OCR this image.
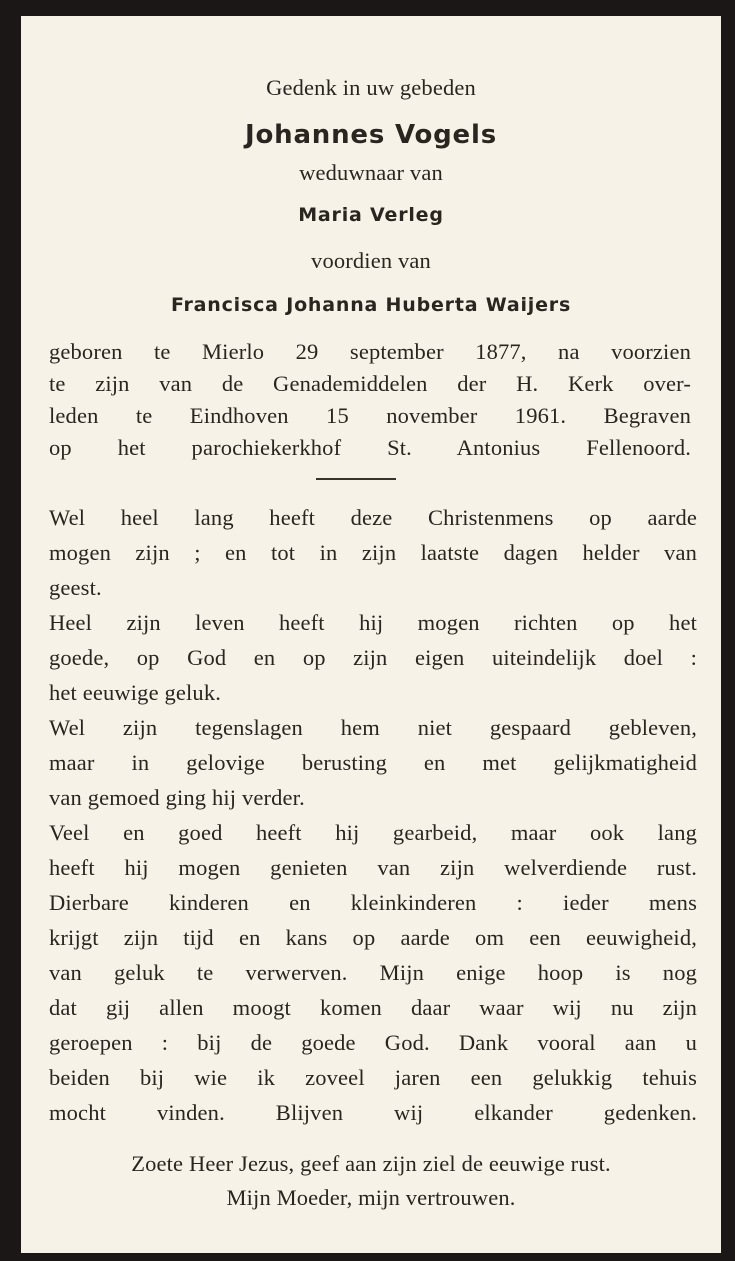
Gedenk in uw gebeden
Johannes Vogels
weduwnaar van
Maria Verleg
voordien van
Francisca Johanna Huberta Waijers
geboren te Mierlo 29 september 1877, na voorzien
te zijn van de Genademiddelen der H. Kerk over-
leden te Eindhoven 15 november 1961. Begraven
op het parochiekerkhof St. Antonius Fellenoord.
Wel heel lang heeft deze Christenmens op aarde
mogen zijn ; en tot in zijn laatste dagen helder van
geest.
Heel zijn leven heeft hij mogen richten op het
goede, op God en op zijn eigen uiteindelijk doel :
het eeuwige geluk.
Wel zijn tegenslagen hem niet gespaard gebleven,
maar in gelovige berusting en met gelijkmatigheid
van gemoed ging hij verder.
Veel en goed heeft hij gearbeid, maar ook lang
heeft hij mogen genieten van zijn welverdiende rust.
Dierbare kinderen en kleinkinderen : ieder mens
krijgt zijn tijd en kans op aarde om een eeuwigheid,
van geluk te verwerven. Mijn enige hoop is nog
dat gij allen moogt komen daar waar wij nu zijn
geroepen : bij de goede God. Dank vooral aan u
beiden bij wie ik zoveel jaren een gelukkig tehuis
mocht vinden. Blijven wij elkander gedenken.
Zoete Heer Jezus, geef aan zijn ziel de eeuwige rust.
Mijn Moeder, mijn vertrouwen.
